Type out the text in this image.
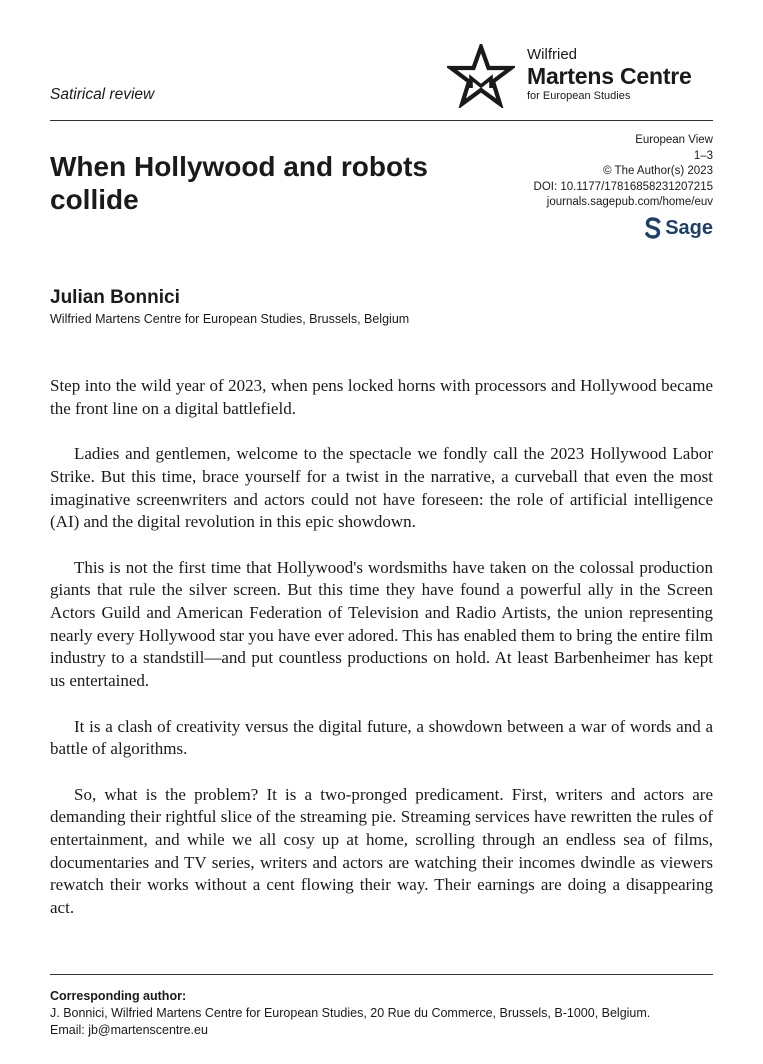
Satirical review
Wilfried
Martens Centre
for European Studies
When Hollywood and robots collide
European View
1–3
© The Author(s) 2023
DOI: 10.1177/17816858231207215
journals.sagepub.com/home/euv
Sage
Julian Bonnici
Wilfried Martens Centre for European Studies, Brussels, Belgium

Step into the wild year of 2023, when pens locked horns with processors and Hollywood became the front line on a digital battlefield.

Ladies and gentlemen, welcome to the spectacle we fondly call the 2023 Hollywood Labor Strike. But this time, brace yourself for a twist in the narrative, a curveball that even the most imaginative screenwriters and actors could not have foreseen: the role of artificial intelligence (AI) and the digital revolution in this epic showdown.

This is not the first time that Hollywood's wordsmiths have taken on the colossal production giants that rule the silver screen. But this time they have found a powerful ally in the Screen Actors Guild and American Federation of Television and Radio Artists, the union representing nearly every Hollywood star you have ever adored. This has enabled them to bring the entire film industry to a standstill—and put countless productions on hold. At least Barbenheimer has kept us entertained.

It is a clash of creativity versus the digital future, a showdown between a war of words and a battle of algorithms.

So, what is the problem? It is a two-pronged predicament. First, writers and actors are demanding their rightful slice of the streaming pie. Streaming services have rewritten the rules of entertainment, and while we all cosy up at home, scrolling through an endless sea of films, documentaries and TV series, writers and actors are watching their incomes dwindle as viewers rewatch their works without a cent flowing their way. Their earnings are doing a disappearing act.

Corresponding author:
J. Bonnici, Wilfried Martens Centre for European Studies, 20 Rue du Commerce, Brussels, B-1000, Belgium.
Email: jb@martenscentre.eu
